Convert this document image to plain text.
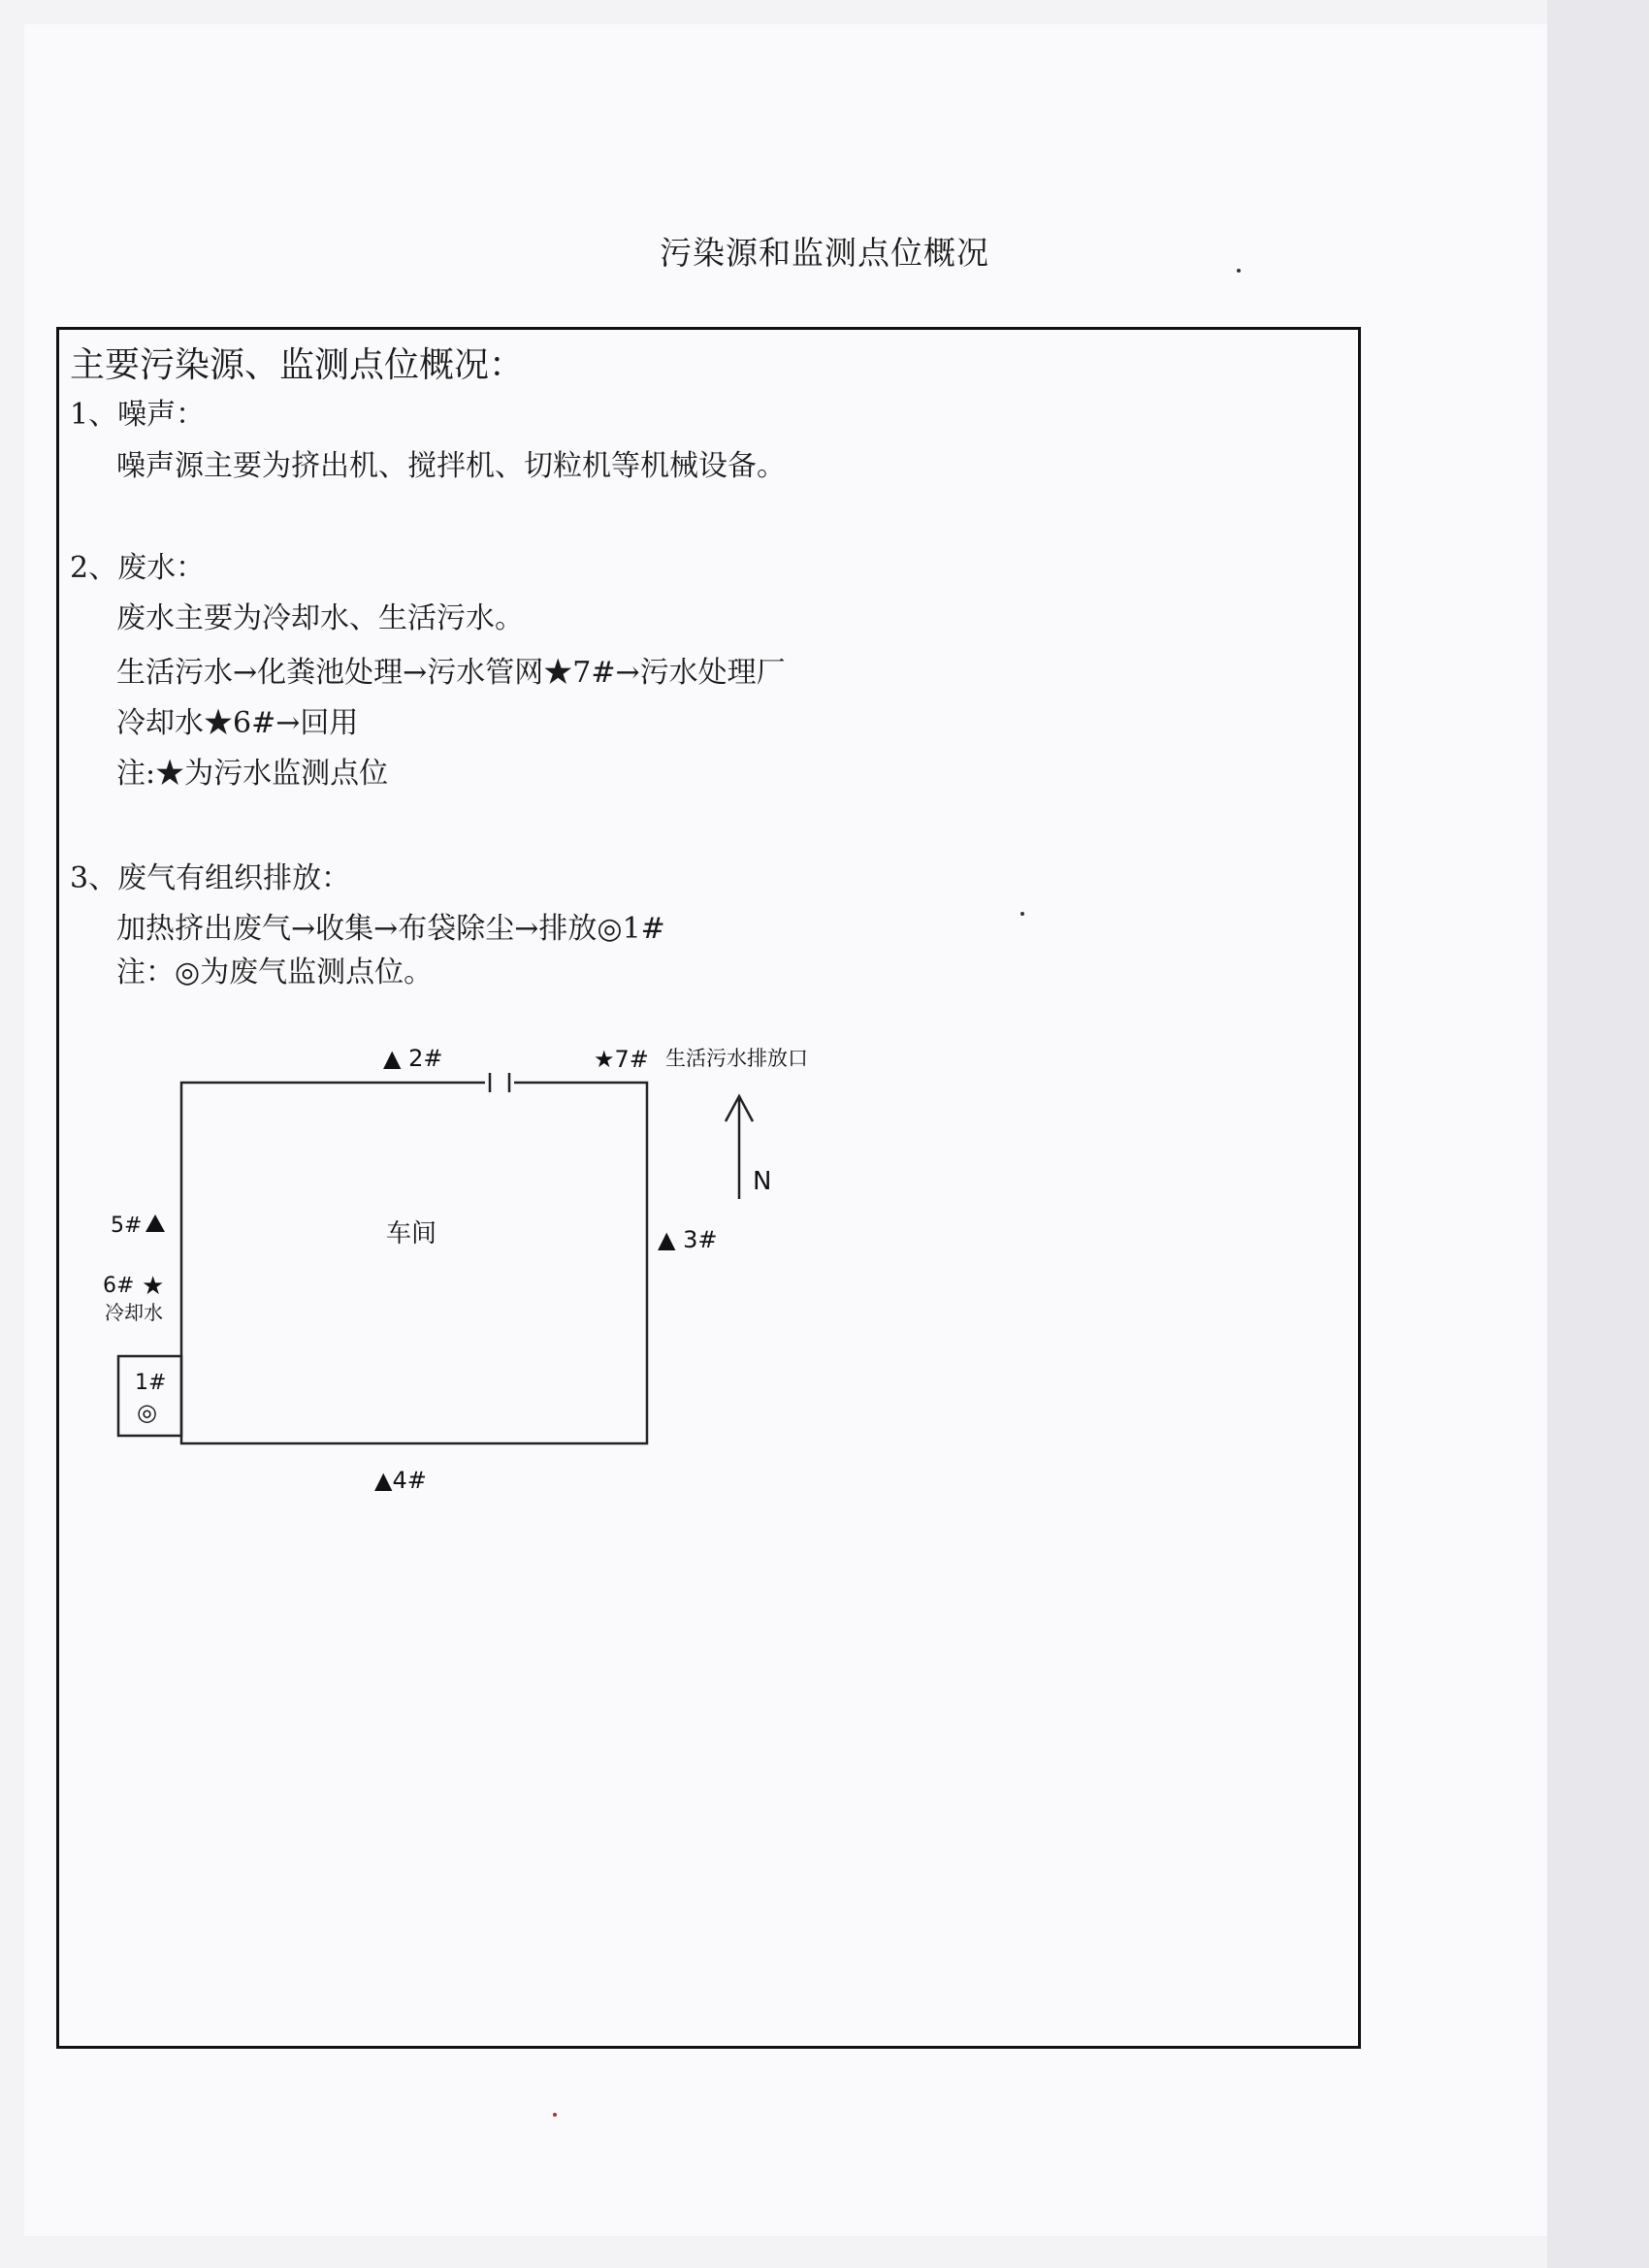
污染源和监测点位概况
主要污染源、监测点位概况：
1、噪声：
噪声源主要为挤出机、搅拌机、切粒机等机械设备。
2、废水：
废水主要为冷却水、生活污水。
生活污水→化粪池处理→污水管网★7#→污水处理厂
冷却水★6#→回用
注:★为污水监测点位
3、废气有组织排放：
加热挤出废气→收集→布袋除尘→排放◎1#
注：◎为废气监测点位。
▲ 2#	★7# 生活污水排放口
N
5#
6# ★
冷却水
车间	▲ 3#
1#
◎
▲4#
